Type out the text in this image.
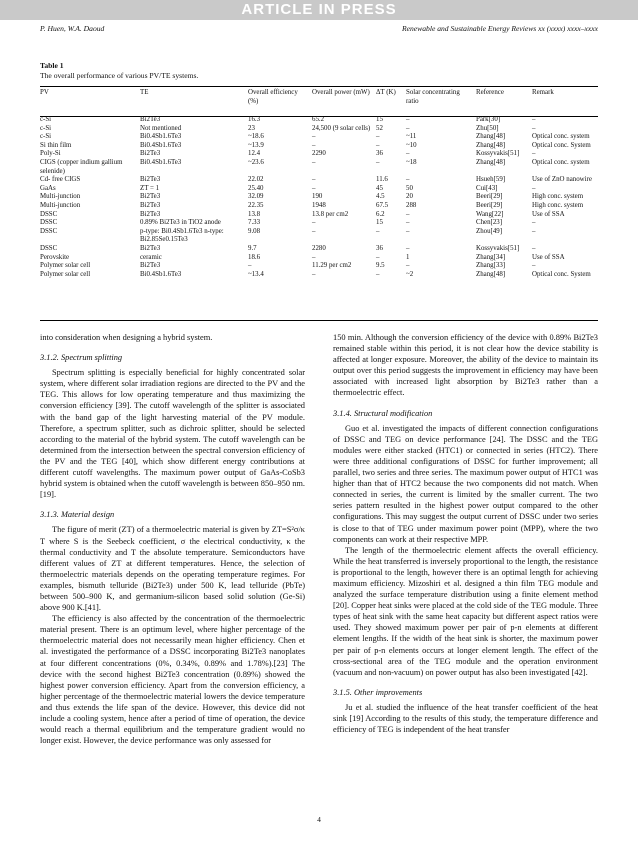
ARTICLE IN PRESS
P. Huen, W.A. Daoud	Renewable and Sustainable Energy Reviews xx (xxxx) xxxx–xxxx
Table 1
The overall performance of various PV/TE systems.
PV	TE	Overall efficiency (%)	Overall power (mW)	ΔT (K)	Solar concentrating ratio	Reference	Remark
c-Si	Bi2Te3	16.3	65.2	15	–	Park[30]	–
c-Si	Not mentioned	23	24,500 (9 solar cells)	52	–	Zhu[50]	–
c-Si	Bi0.4Sb1.6Te3	~18.6	–	–	~11	Zhang[48]	Optical conc. system
Si thin film	Bi0.4Sb1.6Te3	~13.9	–	–	~10	Zhang[48]	Optical conc. System
Poly-Si	Bi2Te3	12.4	2290	36	–	Kossyvakis[51]	–
CIGS (copper indium gallium selenide)	Bi0.4Sb1.6Te3	~23.6	–	–	~18	Zhang[48]	Optical conc. system
Cd- free CIGS	Bi2Te3	22.02	–	11.6	–	Hsueh[59]	Use of ZnO nanowire
GaAs	ZT = 1	25.40	–	45	50	Cui[43]	–
Multi-junction	Bi2Te3	32.09	190	4.5	20	Beeri[29]	High conc. system
Multi-junction	Bi2Te3	22.35	1948	67.5	288	Beeri[29]	High conc. system
DSSC	Bi2Te3	13.8	13.8 per cm2	6.2	–	Wang[22]	Use of SSA
DSSC	0.89% Bi2Te3 in TiO2 anode	7.33	–	15	–	Chen[23]	–
DSSC	p-type: Bi0.4Sb1.6Te3 n-type: Bi2.85Se0.15Te3	9.08	–	–	–	Zhou[49]	–
DSSC	Bi2Te3	9.7	2280	36	–	Kossyvakis[51]	–
Perovskite	ceramic	18.6	–	–	1	Zhang[34]	Use of SSA
Polymer solar cell	Bi2Te3	–	11.29 per cm2	9.5	–	Zhang[33]	–
Polymer solar cell	Bi0.4Sb1.6Te3	~13.4	–	–	~2	Zhang[48]	Optical conc. System

into consideration when designing a hybrid system.

3.1.2. Spectrum splitting

Spectrum splitting is especially beneficial for highly concentrated solar system, where different solar irradiation regions are directed to the PV and the TEG. This allows for low operating temperature and thus maximizing the conversion efficiency [39]. The cutoff wavelength of the splitter is associated with the band gap of the light harvesting material of the PV module. Therefore, a spectrum splitter, such as dichroic splitter, should be selected according to the material of the hybrid system. The cutoff wavelength can be determined from the intersection between the spectral conversion efficiency of the PV and the TEG [40], which show different energy contributions at different cutoff wavelengths. The maximum power output of GaAs-CoSb3 hybrid system is obtained when the cutoff wavelength is between 850–950 nm.[19].

3.1.3. Material design

The figure of merit (ZT) of a thermoelectric material is given by ZT=S²σ/κ T where S is the Seebeck coefficient, σ the electrical conductivity, κ the thermal conductivity and T the absolute temperature. Semiconductors have different values of ZT at different temperatures. Hence, the selection of thermoelectric materials depends on the operating temperature regimes. For examples, bismuth telluride (Bi2Te3) under 500 K, lead telluride (PbTe) between 500–900 K, and germanium-silicon based solid solution (Ge-Si) above 900 K.[41].

The efficiency is also affected by the concentration of the thermoelectric material present. There is an optimum level, where higher percentage of the thermoelectric material does not necessarily mean higher efficiency. Chen et al. investigated the performance of a DSSC incorporating Bi2Te3 nanoplates at four different concentrations (0%, 0.34%, 0.89% and 1.78%).[23] The device with the second highest Bi2Te3 concentration (0.89%) showed the highest power conversion efficiency. Apart from the conversion efficiency, a higher percentage of the thermoelectric material lowers the device temperature and thus extends the life span of the device. However, this device did not include a cooling system, hence after a period of time of operation, the device would reach a thermal equilibrium and the temperature gradient would no longer exist. However, the device performance was only assessed for

150 min. Although the conversion efficiency of the device with 0.89% Bi2Te3 remained stable within this period, it is not clear how the device stability is affected at longer exposure. Moreover, the ability of the device to maintain its output over this period suggests the improvement in efficiency may have been associated with increased light absorption by Bi2Te3 rather than a thermoelectric effect.

3.1.4. Structural modification

Guo et al. investigated the impacts of different connection configurations of DSSC and TEG on device performance [24]. The DSSC and the TEG modules were either stacked (HTC1) or connected in series (HTC2). There were three additional configurations of DSSC for further improvement; all parallel, two series and three series. The maximum power output of HTC1 was higher than that of HTC2 because the two components did not match. When connected in series, the current is limited by the smaller current. The two series pattern resulted in the highest power output compared to the other configurations. This may suggest the output current of DSSC under two series is close to that of TEG under maximum power point (MPP), where the two components can work at their respective MPP.

The length of the thermoelectric element affects the overall efficiency. While the heat transferred is inversely proportional to the length, the resistance is proportional to the length, however there is an optimal length for achieving maximum efficiency. Mizoshiri et al. designed a thin film TEG module and analyzed the surface temperature distribution using a finite element method [20]. Copper heat sinks were placed at the cold side of the TEG module. Three types of heat sink with the same heat capacity but different aspect ratios were used. They showed maximum power per pair of p-n elements at different element lengths. If the width of the heat sink is shorter, the maximum power per pair of p-n elements occurs at longer element length. The effect of the cross-sectional area of the TEG module and the operation environment (vacuum and non-vacuum) on power output has also been investigated [42].

3.1.5. Other improvements

Ju et al. studied the influence of the heat transfer coefficient of the heat sink [19] According to the results of this study, the temperature difference and efficiency of TEG is independent of the heat transfer

4
